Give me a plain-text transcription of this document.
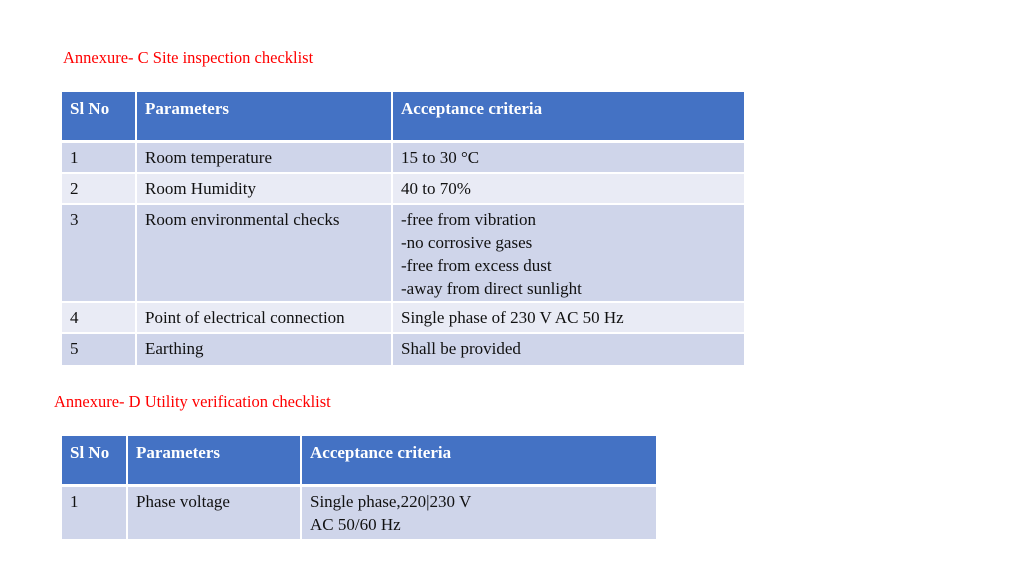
Annexure- C Site inspection checklist
Sl No	Parameters	Acceptance criteria
1	Room temperature	15 to 30 °C

2	Room Humidity	40 to 70%

3	Room environmental checks	-free from vibration
-no corrosive gases
-free from excess dust
-away from direct sunlight

4	Point of electrical connection	Single phase of 230 V AC 50 Hz

5	Earthing	Shall be provided
Annexure- D Utility verification checklist
Sl No	Parameters	Acceptance criteria
1	Phase voltage	Single phase,220|230 V
AC 50/60 Hz
